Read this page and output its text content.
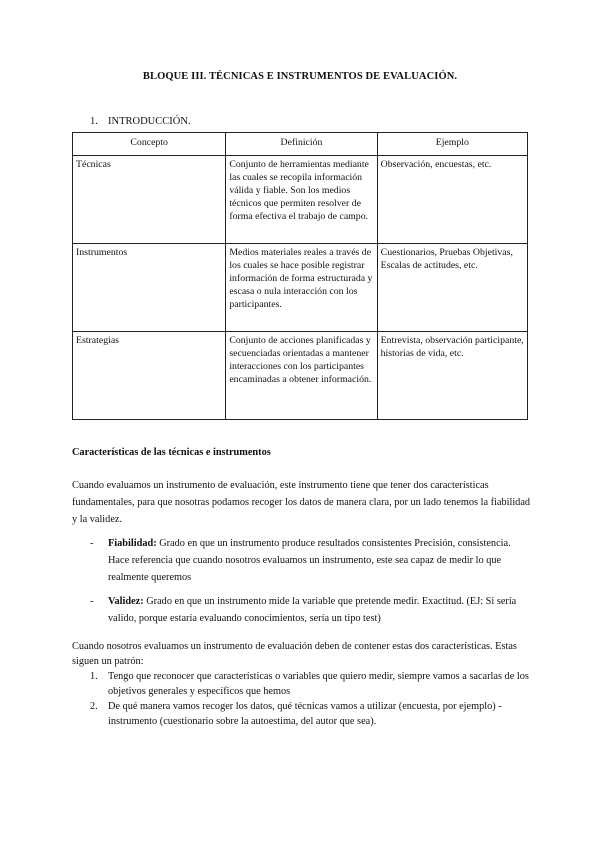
BLOQUE III. TÉCNICAS E INSTRUMENTOS DE EVALUACIÓN.
1. INTRODUCCIÓN.
Concepto	Definición	Ejemplo
Técnicas	Conjunto de herramientas mediante las cuales se recopila información válida y fiable. Son los medios técnicos que permiten resolver de forma efectiva el trabajo de campo.	Observación, encuestas, etc.
Instrumentos	Medios materiales reales a través de los cuales se hace posible registrar información de forma estructurada y escasa o nula interacción con los participantes.	Cuestionarios, Pruebas Objetivas, Escalas de actitudes, etc.
Estrategias	Conjunto de acciones planificadas y secuenciadas orientadas a mantener interacciones con los participantes encaminadas a obtener información.	Entrevista, observación participante, historias de vida, etc.
Características de las técnicas e instrumentos
Cuando evaluamos un instrumento de evaluación, este instrumento tiene que tener dos características fundamentales, para que nosotras podamos recoger los datos de manera clara, por un lado tenemos la fiabilidad y la validez.
- Fiabilidad: Grado en que un instrumento produce resultados consistentes Precisión, consistencia. Hace referencia que cuando nosotros evaluamos un instrumento, este sea capaz de medir lo que realmente queremos
- Validez: Grado en que un instrumento mide la variable que pretende medir. Exactitud. (EJ: Si sería valido, porque estaría evaluando conocimientos, sería un tipo test)
Cuando nosotros evaluamos un instrumento de evaluación deben de contener estas dos características. Estas siguen un patrón:
1. Tengo que reconocer que características o variables que quiero medir, siempre vamos a sacarlas de los objetivos generales y específicos que hemos
2. De qué manera vamos recoger los datos, qué técnicas vamos a utilizar (encuesta, por ejemplo) - instrumento (cuestionario sobre la autoestima, del autor que sea).
